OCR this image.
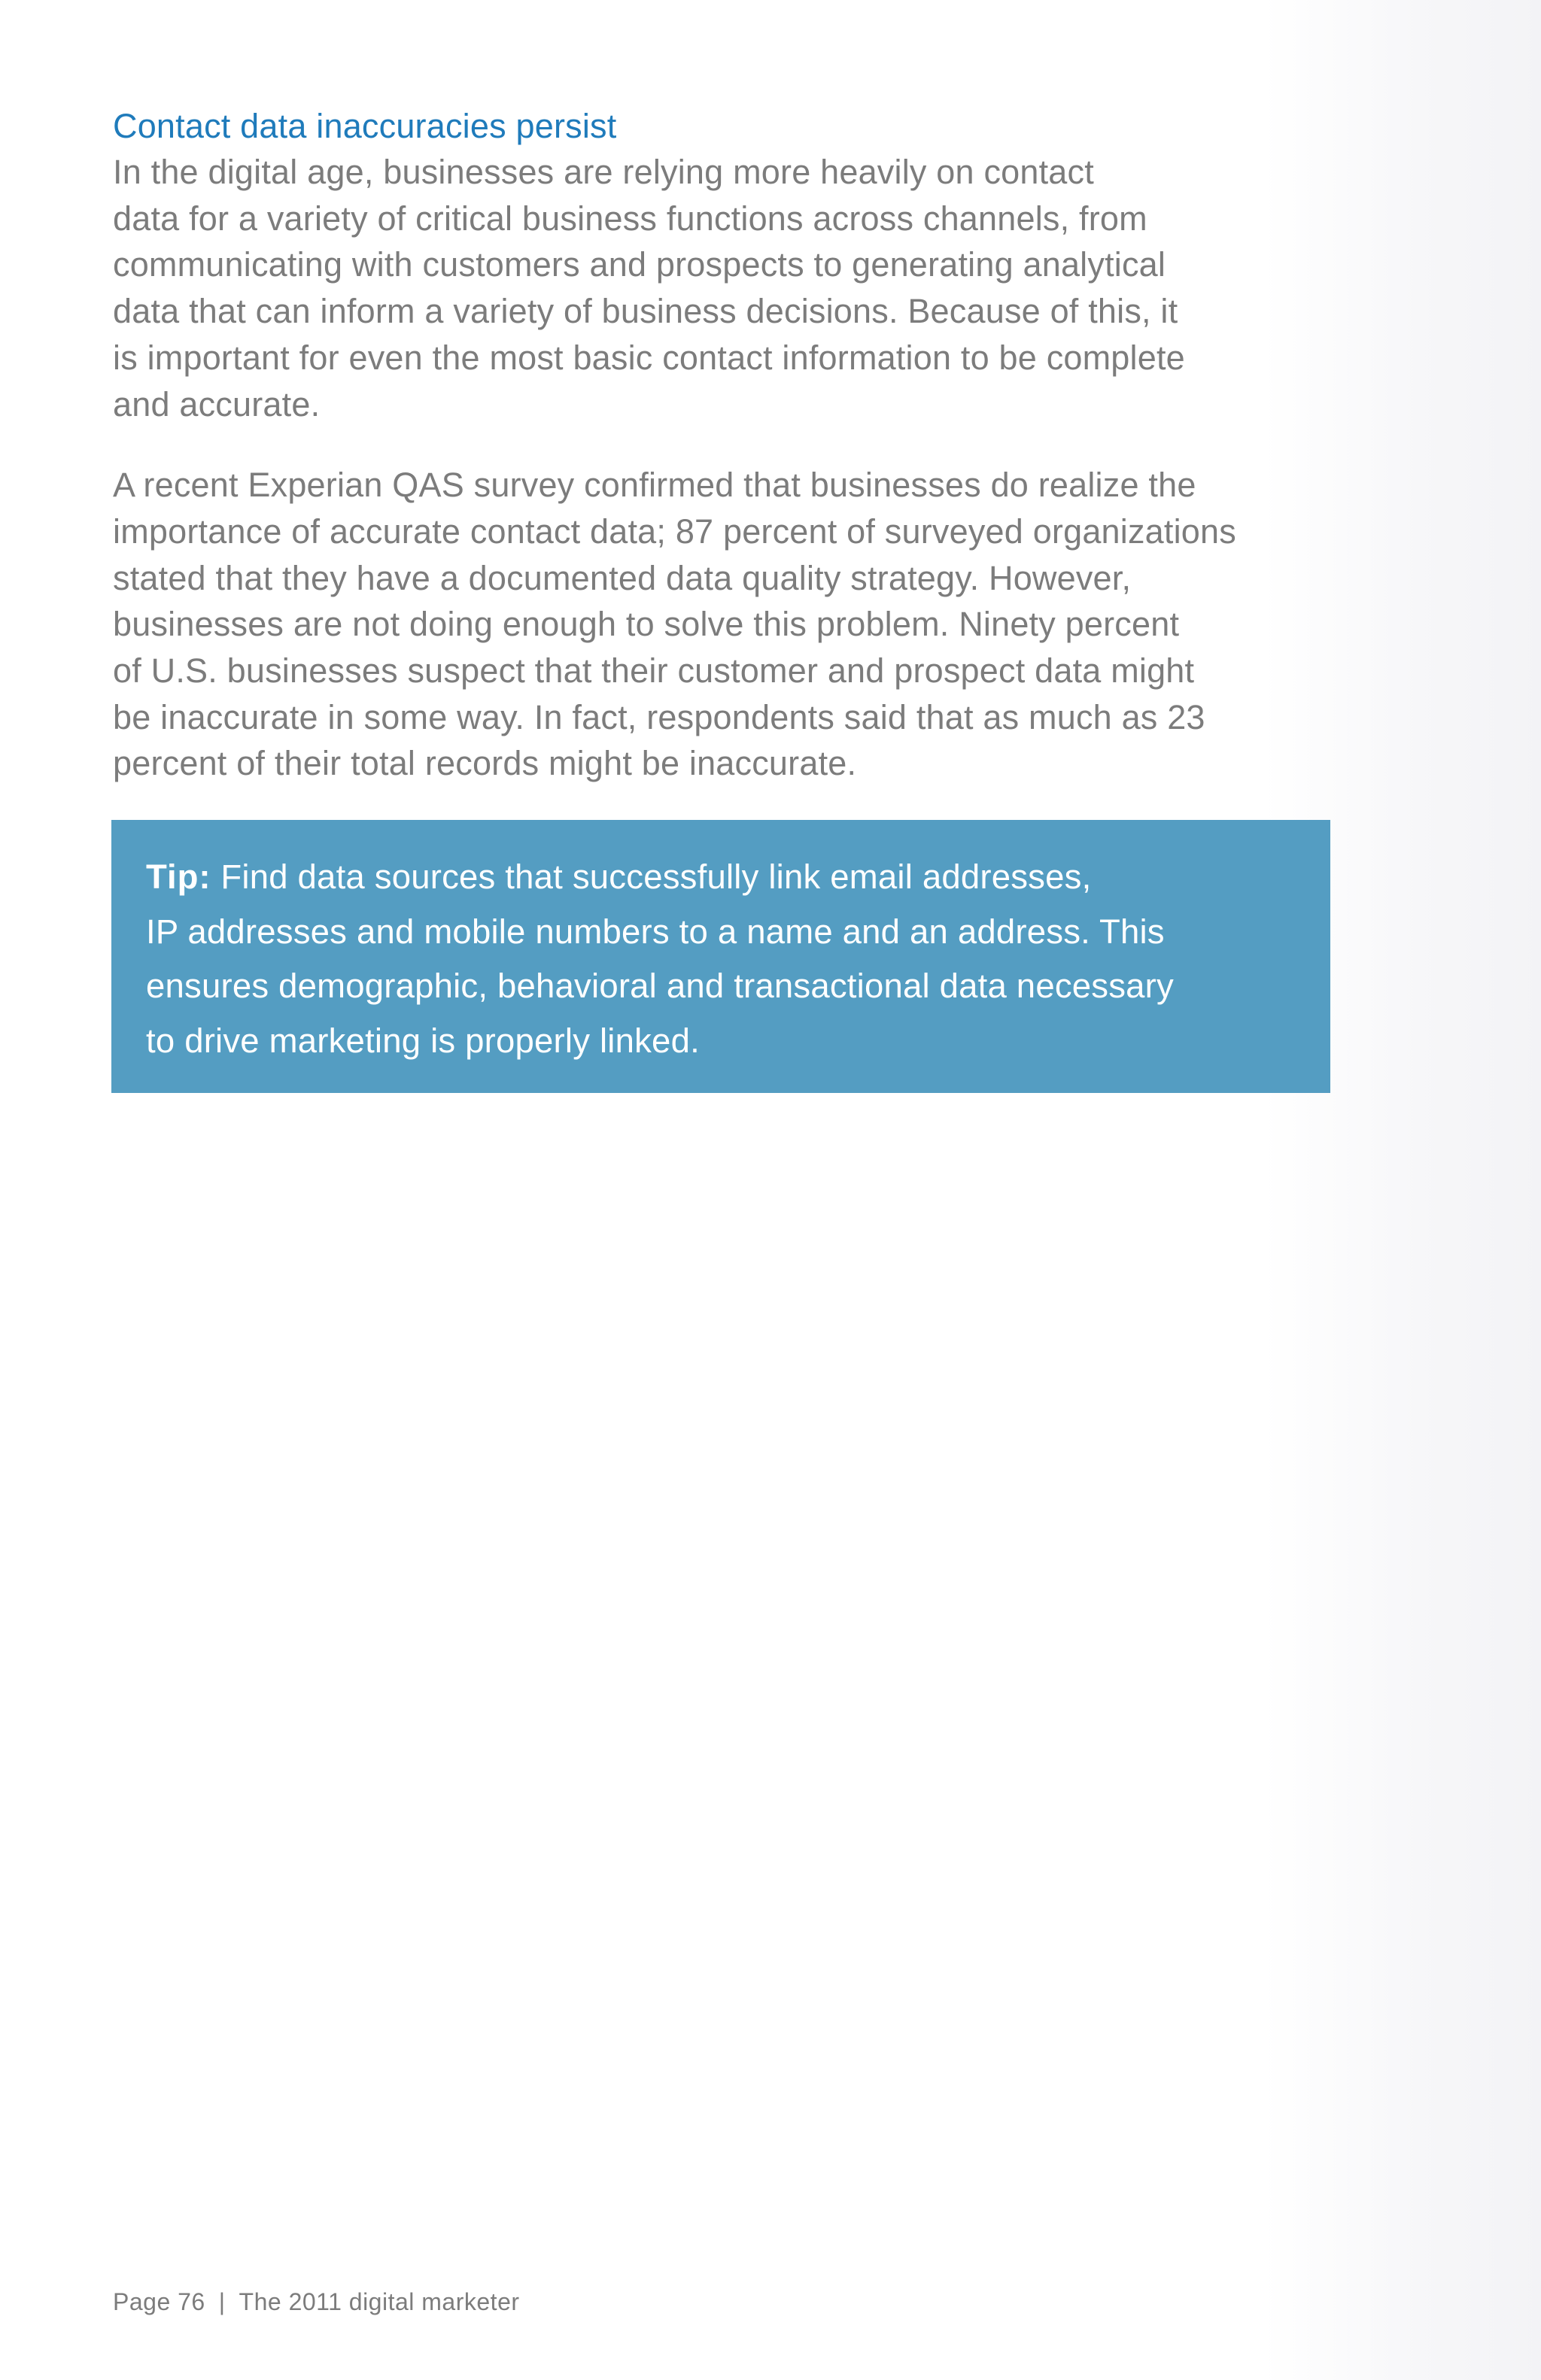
Contact data inaccuracies persist

In the digital age, businesses are relying more heavily on contact
data for a variety of critical business functions across channels, from
communicating with customers and prospects to generating analytical
data that can inform a variety of business decisions. Because of this, it
is important for even the most basic contact information to be complete
and accurate.

A recent Experian QAS survey confirmed that businesses do realize the
importance of accurate contact data; 87 percent of surveyed organizations
stated that they have a documented data quality strategy. However,
businesses are not doing enough to solve this problem. Ninety percent
of U.S. businesses suspect that their customer and prospect data might
be inaccurate in some way. In fact, respondents said that as much as 23
percent of their total records might be inaccurate.

Tip: Find data sources that successfully link email addresses,
IP addresses and mobile numbers to a name and an address. This
ensures demographic, behavioral and transactional data necessary
to drive marketing is properly linked.
Page 76 | The 2011 digital marketer
